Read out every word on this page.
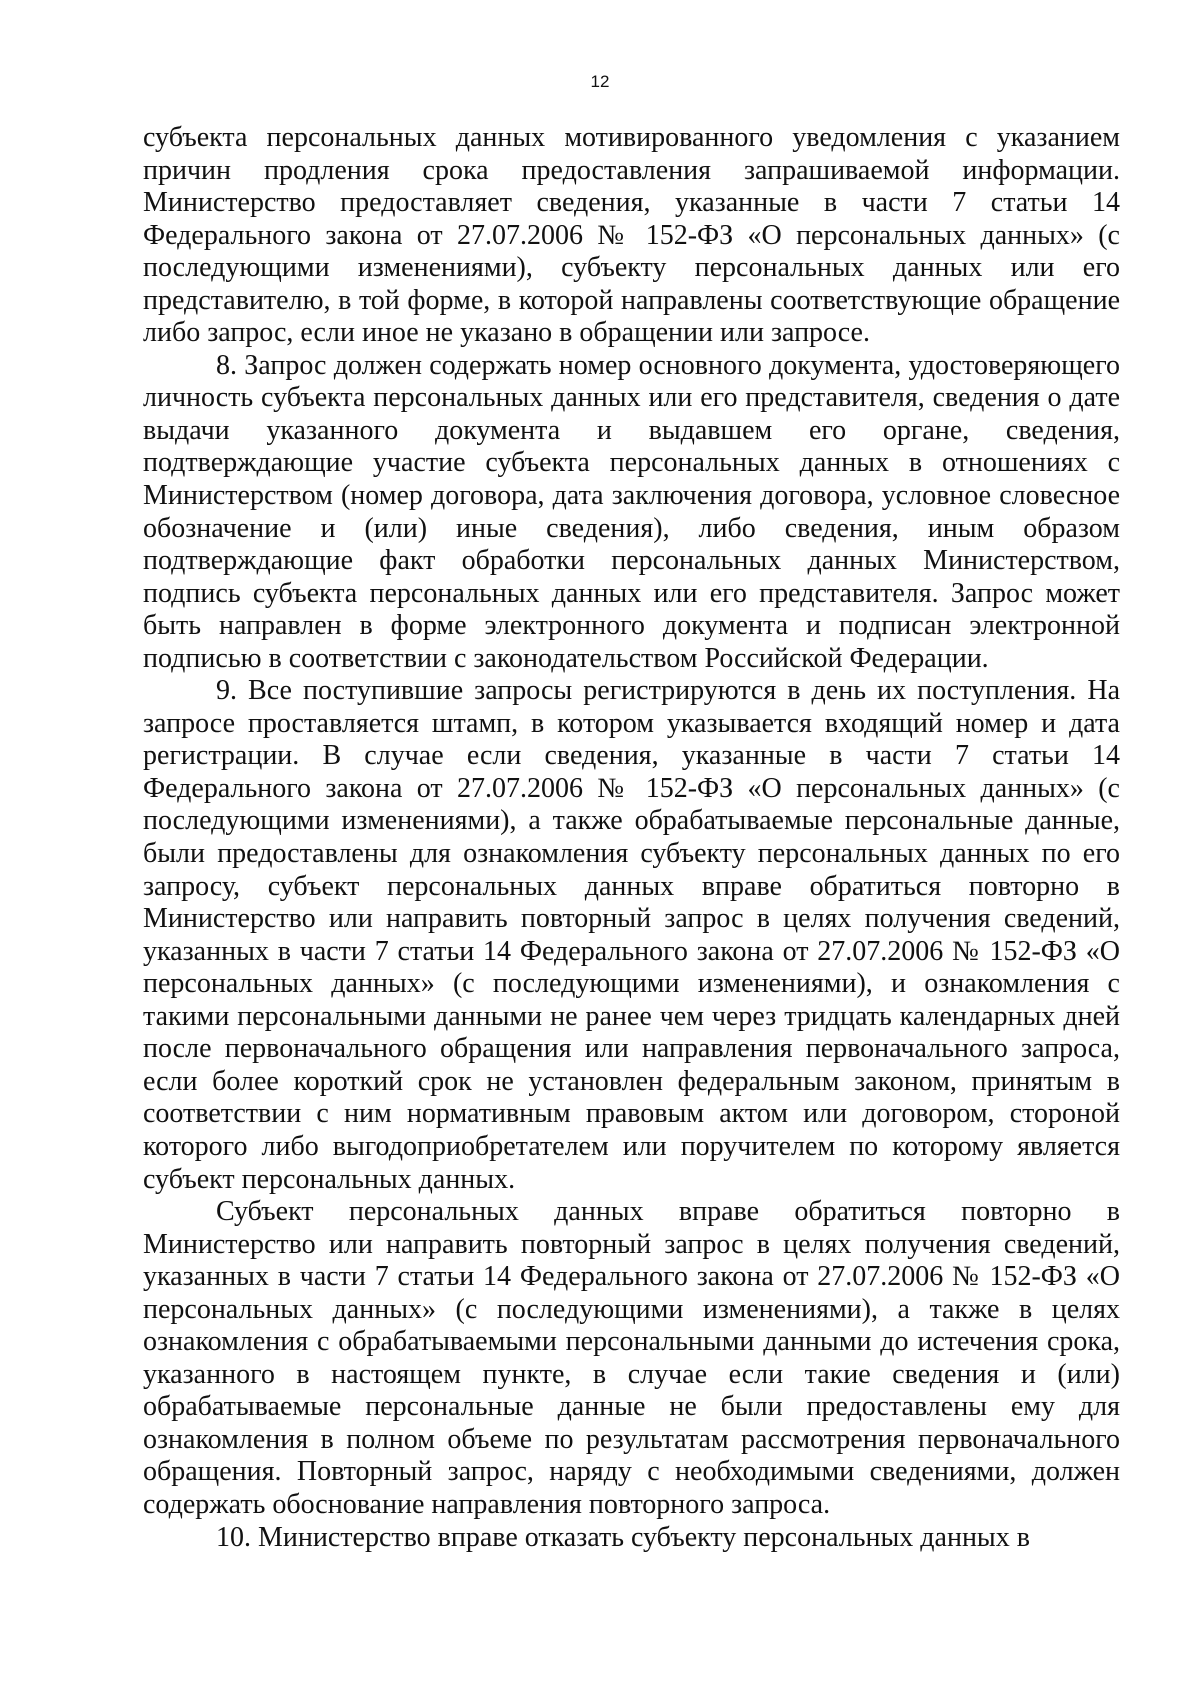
12

субъекта персональных данных мотивированного уведомления с указанием причин продления срока предоставления запрашиваемой информации. Министерство предоставляет сведения, указанные в части 7 статьи 14 Федерального закона от 27.07.2006 № 152-ФЗ «О персональных данных» (с последующими изменениями), субъекту персональных данных или его представителю, в той форме, в которой направлены соответствующие обращение либо запрос, если иное не указано в обращении или запросе.

8. Запрос должен содержать номер основного документа, удостоверяющего личность субъекта персональных данных или его представителя, сведения о дате выдачи указанного документа и выдавшем его органе, сведения, подтверждающие участие субъекта персональных данных в отношениях с Министерством (номер договора, дата заключения договора, условное словесное обозначение и (или) иные сведения), либо сведения, иным образом подтверждающие факт обработки персональных данных Министерством, подпись субъекта персональных данных или его представителя. Запрос может быть направлен в форме электронного документа и подписан электронной подписью в соответствии с законодательством Российской Федерации.

9. Все поступившие запросы регистрируются в день их поступления. На запросе проставляется штамп, в котором указывается входящий номер и дата регистрации. В случае если сведения, указанные в части 7 статьи 14 Федерального закона от 27.07.2006 № 152-ФЗ «О персональных данных» (с последующими изменениями), а также обрабатываемые персональные данные, были предоставлены для ознакомления субъекту персональных данных по его запросу, субъект персональных данных вправе обратиться повторно в Министерство или направить повторный запрос в целях получения сведений, указанных в части 7 статьи 14 Федерального закона от 27.07.2006 № 152-ФЗ «О персональных данных» (с последующими изменениями), и ознакомления с такими персональными данными не ранее чем через тридцать календарных дней после первоначального обращения или направления первоначального запроса, если более короткий срок не установлен федеральным законом, принятым в соответствии с ним нормативным правовым актом или договором, стороной которого либо выгодоприобретателем или поручителем по которому является субъект персональных данных.

Субъект персональных данных вправе обратиться повторно в Министерство или направить повторный запрос в целях получения сведений, указанных в части 7 статьи 14 Федерального закона от 27.07.2006 № 152-ФЗ «О персональных данных» (с последующими изменениями), а также в целях ознакомления с обрабатываемыми персональными данными до истечения срока, указанного в настоящем пункте, в случае если такие сведения и (или) обрабатываемые персональные данные не были предоставлены ему для ознакомления в полном объеме по результатам рассмотрения первоначального обращения. Повторный запрос, наряду с необходимыми сведениями, должен содержать обоснование направления повторного запроса.

10. Министерство вправе отказать субъекту персональных данных в
